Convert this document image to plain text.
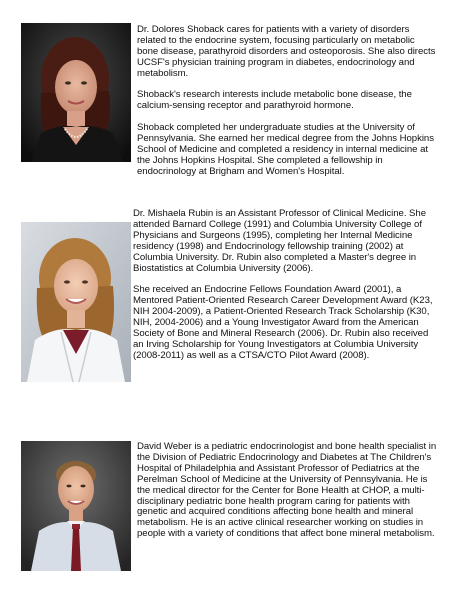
Dr. Dolores Shoback cares for patients with a variety of disorders related to the endocrine system, focusing particularly on metabolic bone disease, parathyroid disorders and osteoporosis. She also directs UCSF's physician training program in diabetes, endocrinology and metabolism.

Shoback's research interests include metabolic bone disease, the calcium-sensing receptor and parathyroid hormone.

Shoback completed her undergraduate studies at the University of Pennsylvania. She earned her medical degree from the Johns Hopkins School of Medicine and completed a residency in internal medicine at the Johns Hopkins Hospital. She completed a fellowship in endocrinology at Brigham and Women's Hospital.

Dr. Mishaela Rubin is an Assistant Professor of Clinical Medicine. She attended Barnard College (1991) and Columbia University College of Physicians and Surgeons (1995), completing her Internal Medicine residency (1998) and Endocrinology fellowship training (2002) at Columbia University. Dr. Rubin also completed a Master's degree in Biostatistics at Columbia University (2006).

She received an Endocrine Fellows Foundation Award (2001), a Mentored Patient-Oriented Research Career Development Award (K23, NIH 2004-2009), a Patient-Oriented Research Track Scholarship (K30, NIH, 2004-2006) and a Young Investigator Award from the American Society of Bone and Mineral Research (2006). Dr. Rubin also received an Irving Scholarship for Young Investigators at Columbia University (2008-2011) as well as a CTSA/CTO Pilot Award (2008).

David Weber is a pediatric endocrinologist and bone health specialist in the Division of Pediatric Endocrinology and Diabetes at The Children's Hospital of Philadelphia and Assistant Professor of Pediatrics at the Perelman School of Medicine at the University of Pennsylvania. He is the medical director for the Center for Bone Health at CHOP, a multi-disciplinary pediatric bone health program caring for patients with genetic and acquired conditions affecting bone health and mineral metabolism. He is an active clinical researcher working on studies in people with a variety of conditions that affect bone mineral metabolism.
